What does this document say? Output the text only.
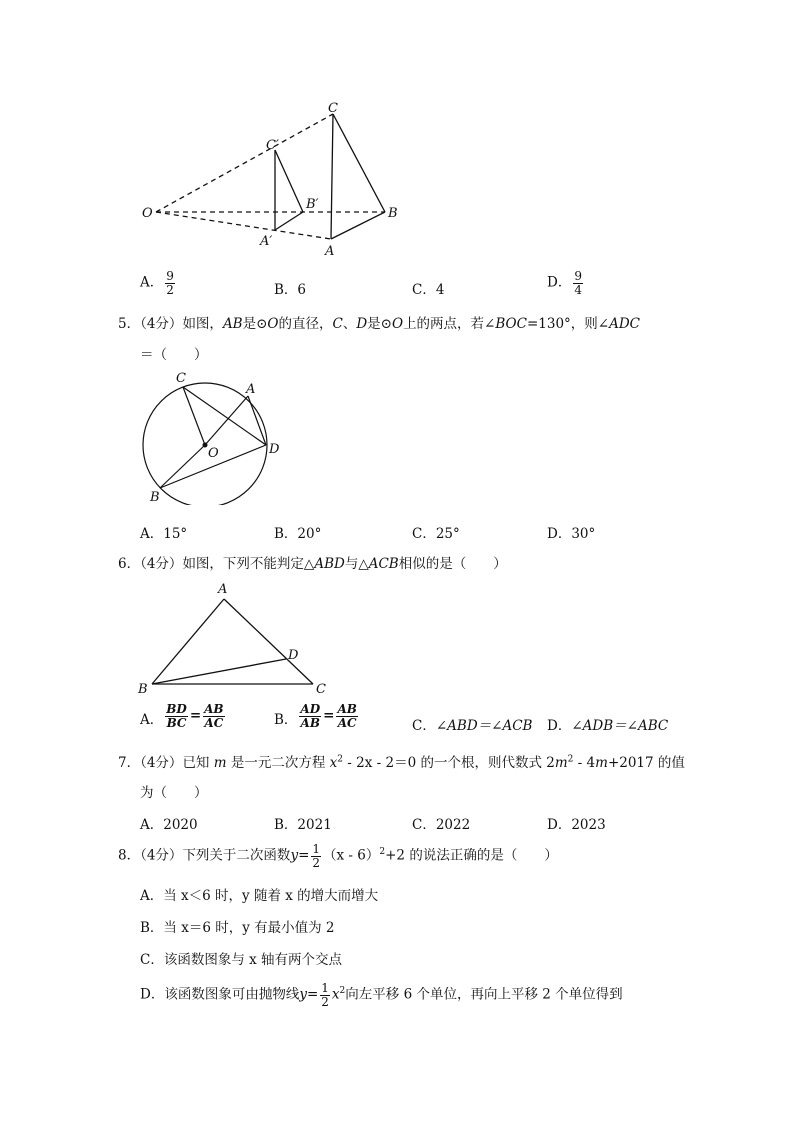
O
C
B
A
C′
B′
A′
A． $\frac{9}{2}$	B．6	C．4	D． $\frac{9}{4}$
5．（4分）如图，AB是⊙O的直径，C、D是⊙O上的两点，若∠BOC=130°，则∠ADC
＝（　　）
C
A
O	D
B
A．15°	B．20°	C．25°	D．30°
6．（4分）如图，下列不能判定△ABD与△ACB相似的是（　　）
A
B	C
D
A． $\frac{BD}{BC} = \frac{AB}{AC}$	B． $\frac{AD}{AB} = \frac{AB}{AC}$	C．∠ABD＝∠ACB D．∠ADB＝∠ABC
7．（4分）已知 m 是一元二次方程 $x^2 - 2x - 2=0$ 的一个根，则代数式 $2m^2 - 4m+2017$ 的值
为（　　）
A．2020	B．2021	C．2022	D．2023
8．（4分）下列关于二次函数$y= \frac{1}{2} (x - 6)^2+2$ 的说法正确的是（　　）
A．当 x＜6 时，y 随着 x 的增大而增大
B．当 x＝6 时，y 有最小值为 2
C．该函数图象与 x 轴有两个交点
D．该函数图象可由抛物线$y= \frac{1}{2} x^2$向左平移 6 个单位，再向上平移 2 个单位得到
